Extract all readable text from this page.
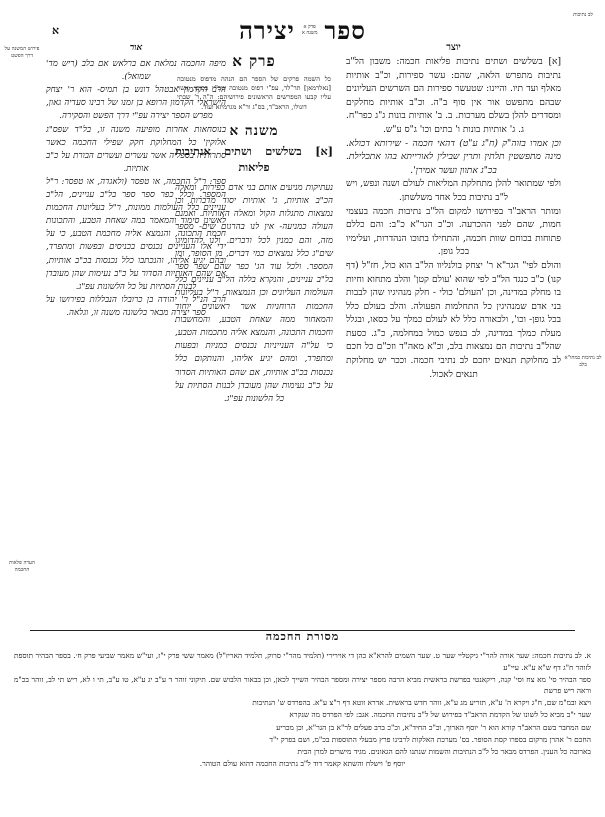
א	ספר
פרק א
משנה א
יצירה
לב נתיבות
לב נתיבות במחו"א בלב
פירוש המשנה על דרך הפשט
הערה פלאות החכמה
יוצר
[א] בשלשים ושתים נתיבות פליאות חכמה: משבון הל"ב נתיבות מתפרש הלאה, שהם: עשר ספירות, וכ"ב אותיות מאלף ועד תיו. והיינו: שטעשר ספירות הם השרשים העליונים שבהם מתפשט אור אין סוף ב"ה. וכ"ב אותיות מחלקים ומסדרים להלן בשלם מערכות. ב. ב' אותיות בונות ג"ג כפר"ח. ג. ג' אותיות בונות ו' בתים וכו' ג"ס ע"ש.
וכן אמרו בזוה"ק (ח"ג ע"ט) דהאי חכמה - שירותא דכולא. מינה מתפשטין תלתין ותרין שבילין לאורייתא בהו אתכלילת. בכ"ג אתוון ועשר אמירן'.
ולפי שמתואר להלן מתחלקת המליאות לעולם ושנה ונפש, ויש ל"ב נתיבות בכל אחד משלשתן.
ומותר הראב"ד בפירושו למקום הל"ב נתיבות חכמה בעצמי חמות, שהם לפני ההכרעה. וכ"כ הגר"א כ"ב: והם כללם פתוחות בכוחם שוות חכמה, והתחילו בתוכו הנהדרות, ועלימיו בכל גופן.
והולם לפי" הגר"א ר' יצחק בולנליוו הל"ב הוא כול, חז"ל (דף קנו) כ"ב כנגד הל"ב לפי שהוא 'עולם קטן' והלב מתחוא וחיות בו מחלק במדינה, וכן 'העולם' כולי - חלק מנהיגיו שהן לבבות בני אדם שמנהיגין כל התחלמות הפעולה. והלב בעולם כלל בכל גופן- וכו', ולכאורה כלל לא לעולם כמלך על כסאו, ובגלל מעלת כמלך במדינה, לב בנפש כמול במחלמה, כ"ג. כסעת שהל"ב נתיבות הם נמצאות בלב, וכ"א מאה"ד וזכ"ם כל חכם לב מחלוקת תנאים יחכם לב נתיבי חכמה. וככר יש מחלוקת תנאים לאכול.
פרק א
כל השמה פרקים של הספר הם הנהה מדפוס מנטובה [נאלדמאן] תר"לד, עפ"י דפוס מנטובה שב"ץ בסופו, אשר עליו קבעו המפרשים הראשונים פירושיהם: ה"ה ר' שבתי דונולו, הראב"ד, בס"ג ור"א מגרמיזא ועוד.
משנה א
[א] בשלשים ושתים אנתיבות פליאות
נעתיקות מניעים אותם בני אדם כפירות, ומאלה הכ"ב אותיות, ג' אותיות יסוד מדברות וכן נמצאות מתגלות הקול ומאלה האותיות. ואמנם העולה כמניעה- אין לנו בהרגום שים- מספר מזה, והם כמנין לכל ודברים. ולנו להדומיגו שים"ג כלל נמצאים כמי דברים, מן הסופר, ומן המספר. ולכל עוד הג' כפר שהם שפר ספר בל"ב עניינים, והנקרא בללה הל"ב עניינים כלל העולמות העליונים וכן הנמצאות, ר"ל בעליונות החכמות הרוחניות אשר ראשונים יוחוד והמאחור ממה שאחת הטבע, והמחשבות וחכמות התכונה, והנמצא אליה מתכמות הטבע, כי על"ה הענייניות נכנסים כמניות ובפעות ומתפרד, ומהם יגיע אליהו, והנותקום כלל נכנסות בכ"ב אותיות, אם שהם האותיות הסדור על כ"ב נעימות שהן מעובדן לבנות הסתיות על כל הלשונות עפ"ג.
אור
מיפה החכמה נמלאת אם ברלאש אם בלב (ריש מד' שמואל).
הרב הקדמון אבטהל דונש בן תמיס- הוא ר' יצחק הישראלי הקדמון הרופא בן זמנו של רבינו סעדיה גאון, מפרש הספר יצירה עפ"י דרך הפשט והסקירה.
בנוסחאות אחרות מופיעה משנה זו, בל"ד שפס"ג אלוקין' כל המחלוקת חקק שפילי החכמה כאשר סתרותיה בספליה אשר עשרים ועשרים הבורת על כ"ב אותיות.
ספר: ר"ל החכמה, או טפסר (ולאגדה, או טפסר: ר"ל המספר. וכלל כפר ספר ספר בל"ב עניינים, הל"ב עניינים כלל העולמות ממונות, ר"ל בעליונות החכמות לאשינן סימוד והמאמר במה שאחת הטבע, והתכונות חכמת התכונה, והנמצא אליה מחכמת הטבע, כי על ידי אלו העניינים נכנסים בכניסים ובפשות ומתפרד, ובהם יגיע אליהו, והנכתבו כלל נכנסות בכ"ב אותיות, אם שהם האותיות הסדור על כ"ב נעימות שהן מעובדן לבנות הסתיות על כל הלשונות עפ"ג.
הרב הנ"ל ר' יהודה בן כרובלו הנבללות בפירושו על ספר יצירה מבאר בלשונה משנה זו, וגלאה.
מסורת החכמה

א. לב נתיבות חכמה: שער אורה להר"י גיקטליי שער ט. שער השמים להרא"א כהן די אוירירי (תלמיד מהר"י סרוק, תלמיד האריז"ל) מאמר ששי פרק י"ז, ועי"ש מאמר שביעי פרק ח׳. בספר הבהיר תוספת לזוהר ח"ג דף ש"א ע"א. עיי"ע

ספר הבהיר סי' מא צח וסי' קנה, ריקאנטי בפרשת בראשית מביא הרבה מספר יצירה ומספר הבהיר השייך לכאן, וכן בבאור הלבוש שם. תיקוני זוהר ד ע"ב יג ע"א, טו ע"ב, תי ו לא, ריש תי לב, זוהר בכ"מ וראה ריש פרשת

ויצא ובמ"מ שם, ח"ג ויקרא ה' ע"א, תזריע מג ע"א, זוהר חדש בראשית. אדרא זוטא דף ר"צ ע"א. בהפרדס ש' הנתיבות

שער י"ב מביא כל לשונו של הקדמת הראב"ד בפירוש של ל"ב נתיבות החכמה. אגב: לפי הפרדס מה שנקרא

שם המחבר בשם הראב"ד קורא הוא ר' יוסף הארוך, וכ"כ החיד"א, וכ"כ ברב פעלים לר"א בן הגר"א, וכן מכריע

החכם ר' אהרן מרקום בספרו קסת הסופר. בס' מערכת האלקות לרבינו פרץ מבעלי התוספות בכ"מ, ושם בפרק י"ד

בארוכה כל הענין. הפרדס מבאר כל ל"ב הנתיבות והשמות שנתנו להם הגאונים. מגיד מישרים למרן הבית

יוסף פ' וישלח והשתא קאמר דוד ל"ב נתיבות החכמה דהוא עולם הטוהר.
